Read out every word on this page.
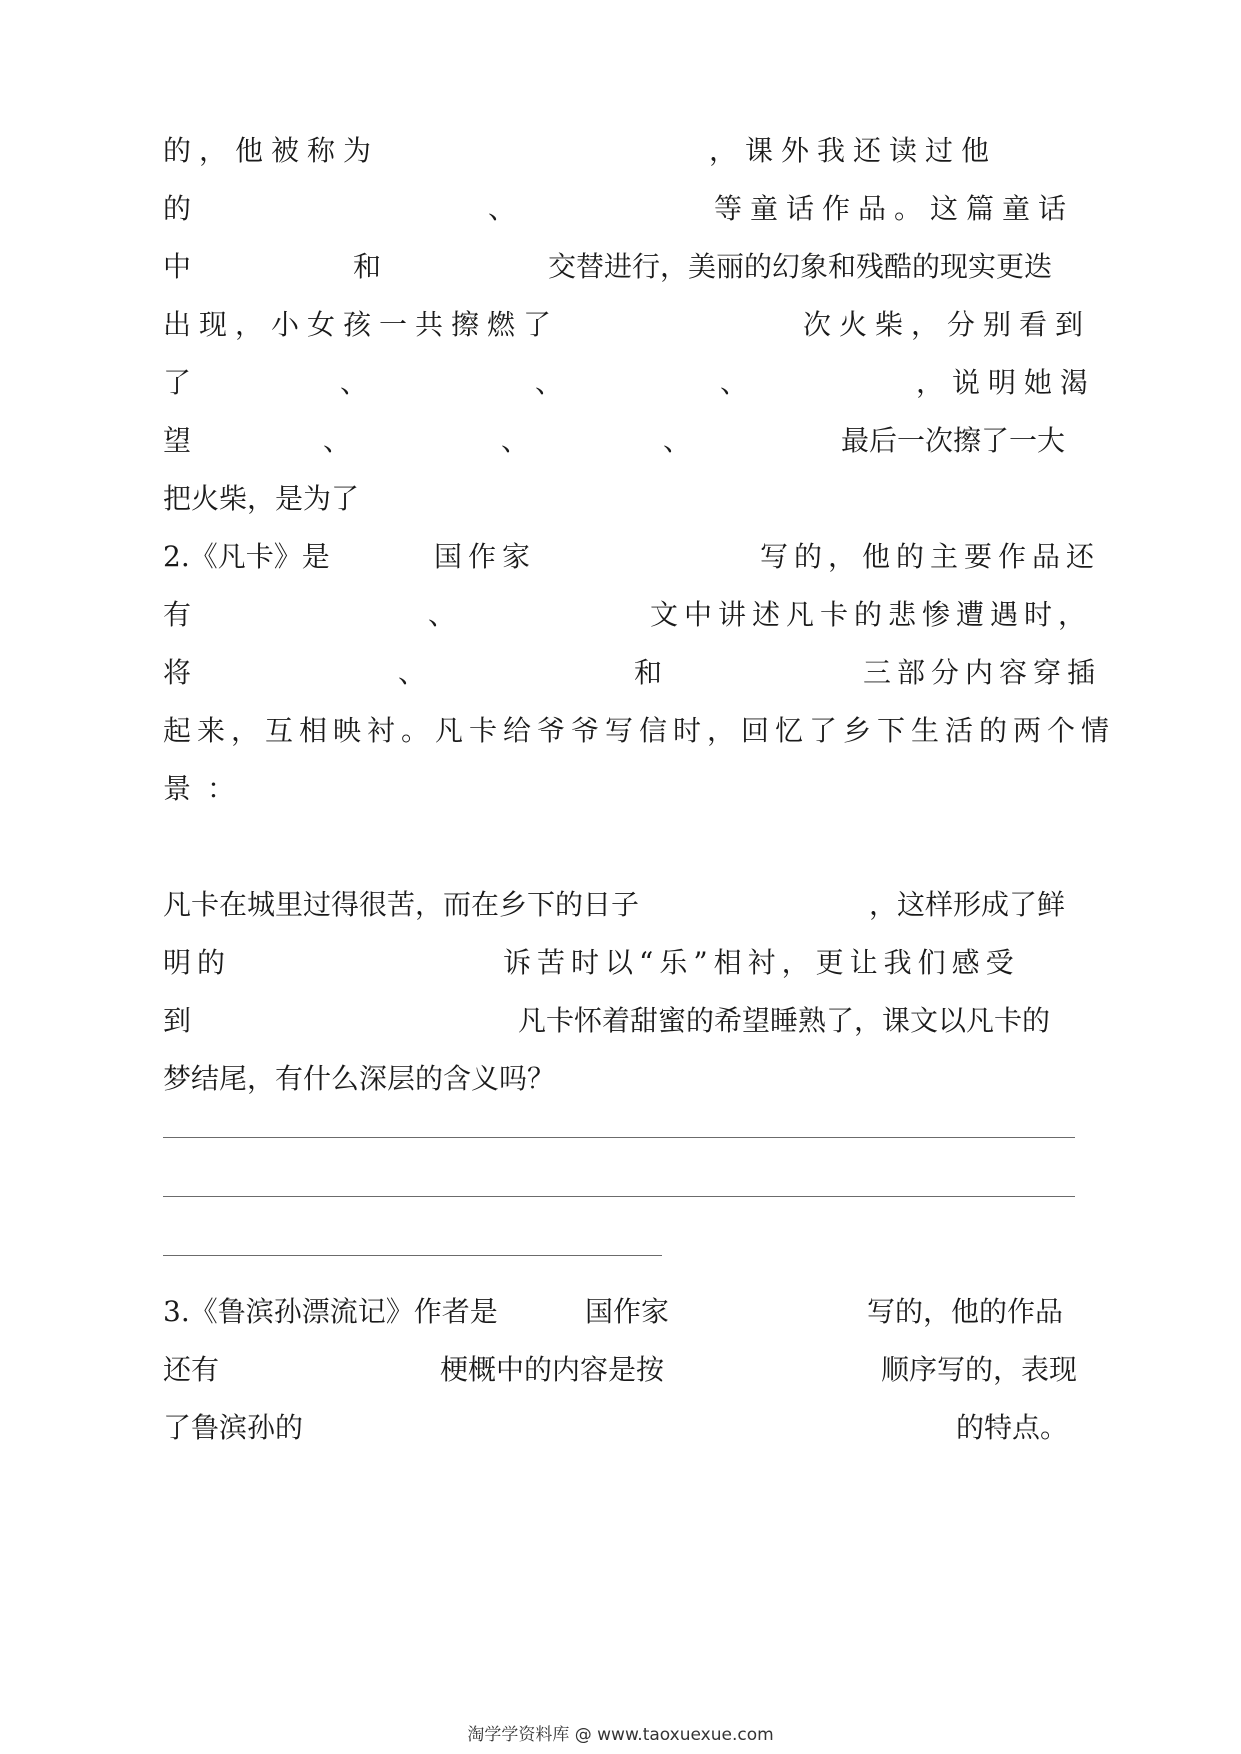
的，他被称为	，课外我还读过他
的	、	等童话作品。这篇童话
中	和	交替进行，美丽的幻象和残酷的现实更迭
出现，小女孩一共擦燃了	次火柴，分别看到
了	、	、	、	，说明她渴
望	、	、	、	最后一次擦了一大
把火柴，是为了
2.《凡卡》是	国作家	写的，他的主要作品还
有	、	文中讲述凡卡的悲惨遭遇时，
将	、	和	三部分内容穿插
起来，互相映衬。凡卡给爷爷写信时，回忆了乡下生活的两个情
景 ：
凡卡在城里过得很苦，而在乡下的日子	，这样形成了鲜
明的	诉苦时以“乐”相衬，更让我们感受
到	凡卡怀着甜蜜的希望睡熟了，课文以凡卡的
梦结尾，有什么深层的含义吗？
3.《鲁滨孙漂流记》作者是	国作家	写的，他的作品
还有	梗概中的内容是按	顺序写的，表现
了鲁滨孙的	的特点。
淘学学资料库 @ www.taoxuexue.com
